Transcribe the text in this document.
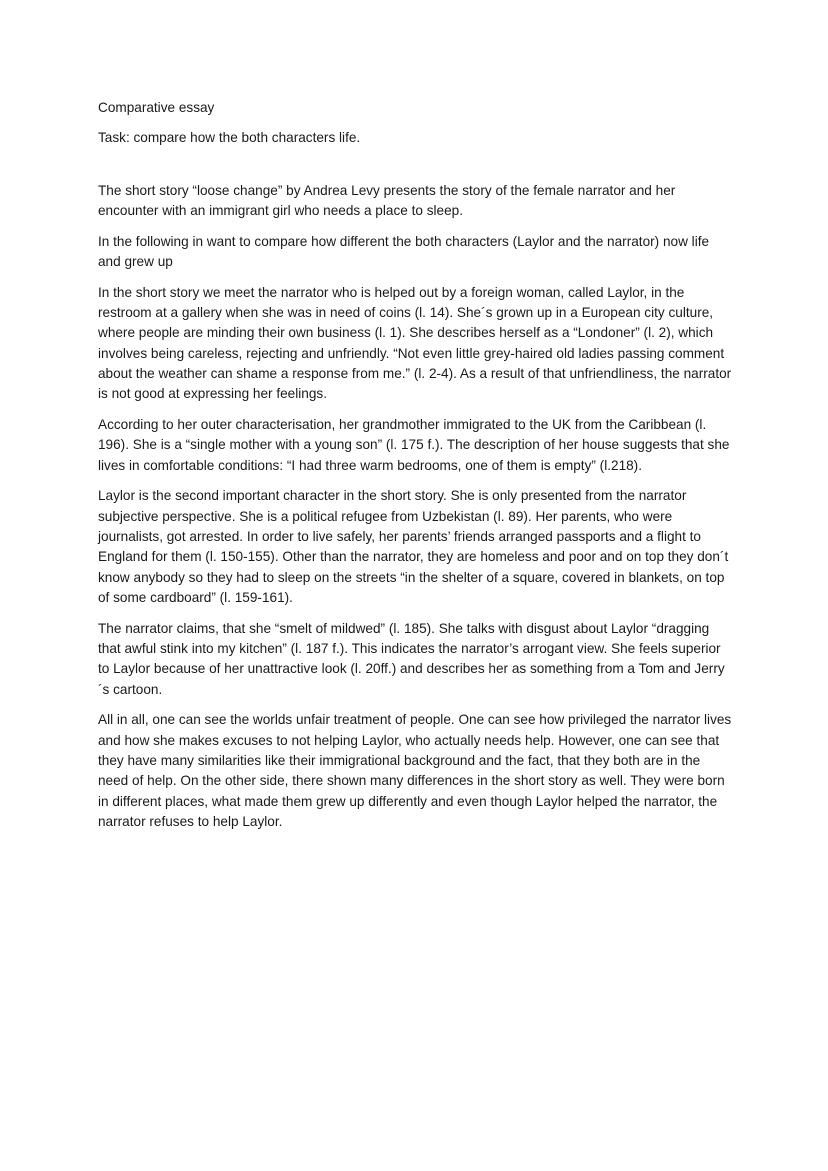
Comparative essay

Task: compare how the both characters life.

The short story “loose change” by Andrea Levy presents the story of the female narrator and her encounter with an immigrant girl who needs a place to sleep.

In the following in want to compare how different the both characters (Laylor and the narrator) now life and grew up

In the short story we meet the narrator who is helped out by a foreign woman, called Laylor, in the restroom at a gallery when she was in need of coins (l. 14). She´s grown up in a European city culture, where people are minding their own business (l. 1). She describes herself as a “Londoner” (l. 2), which involves being careless, rejecting and unfriendly. “Not even little grey-haired old ladies passing comment about the weather can shame a response from me.” (l. 2-4). As a result of that unfriendliness, the narrator is not good at expressing her feelings.

According to her outer characterisation, her grandmother immigrated to the UK from the Caribbean (l. 196). She is a “single mother with a young son” (l. 175 f.). The description of her house suggests that she lives in comfortable conditions: “I had three warm bedrooms, one of them is empty” (l.218).

Laylor is the second important character in the short story. She is only presented from the narrator subjective perspective. She is a political refugee from Uzbekistan (l. 89). Her parents, who were journalists, got arrested. In order to live safely, her parents’ friends arranged passports and a flight to England for them (l. 150-155). Other than the narrator, they are homeless and poor and on top they don´t know anybody so they had to sleep on the streets “in the shelter of a square, covered in blankets, on top of some cardboard” (l. 159-161).

The narrator claims, that she “smelt of mildwed” (l. 185). She talks with disgust about Laylor “dragging that awful stink into my kitchen” (l. 187 f.). This indicates the narrator’s arrogant view. She feels superior to Laylor because of her unattractive look (l. 20ff.) and describes her as something from a Tom and Jerry´s cartoon.

All in all, one can see the worlds unfair treatment of people. One can see how privileged the narrator lives and how she makes excuses to not helping Laylor, who actually needs help. However, one can see that they have many similarities like their immigrational background and the fact, that they both are in the need of help. On the other side, there shown many differences in the short story as well. They were born in different places, what made them grew up differently and even though Laylor helped the narrator, the narrator refuses to help Laylor.
